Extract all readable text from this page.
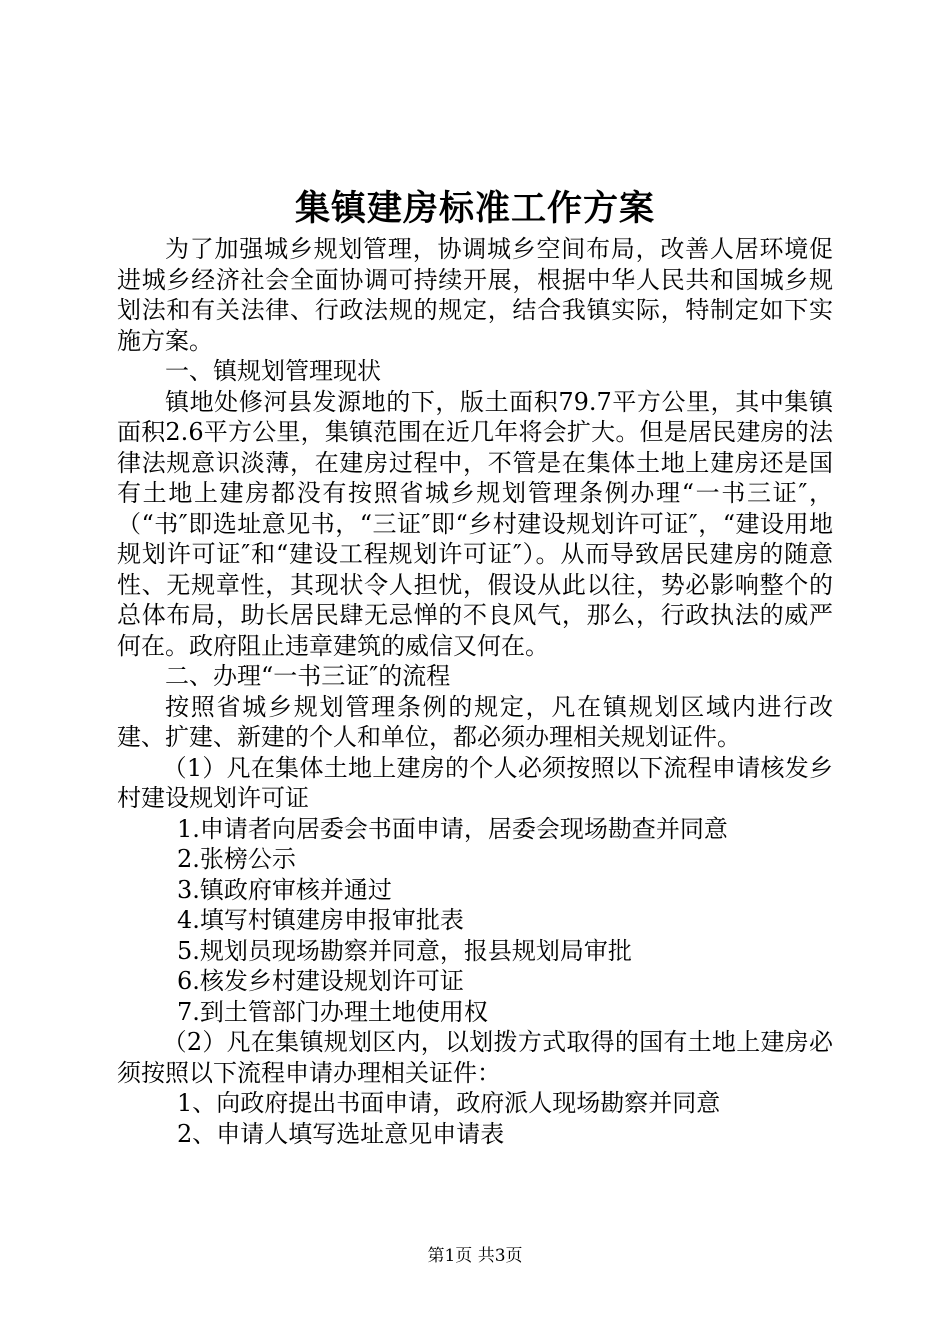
集镇建房标准工作方案

为了加强城乡规划管理，协调城乡空间布局，改善人居环境促进城乡经济社会全面协调可持续开展，根据中华人民共和国城乡规划法和有关法律、行政法规的规定，结合我镇实际，特制定如下实施方案。

一、镇规划管理现状

镇地处修河县发源地的下，版土面积79.7平方公里，其中集镇面积2.6平方公里，集镇范围在近几年将会扩大。但是居民建房的法律法规意识淡薄，在建房过程中，不管是在集体土地上建房还是国有土地上建房都没有按照省城乡规划管理条例办理“一书三证″，（“书″即选址意见书，“三证″即“乡村建设规划许可证″，“建设用地规划许可证″和“建设工程规划许可证″）。从而导致居民建房的随意性、无规章性，其现状令人担忧，假设从此以往，势必影响整个的总体布局，助长居民肆无忌惮的不良风气，那么，行政执法的威严何在。政府阻止违章建筑的威信又何在。

二、办理“一书三证″的流程

按照省城乡规划管理条例的规定，凡在镇规划区域内进行改建、扩建、新建的个人和单位，都必须办理相关规划证件。

（1）凡在集体土地上建房的个人必须按照以下流程申请核发乡村建设规划许可证

1.申请者向居委会书面申请，居委会现场勘查并同意

2.张榜公示

3.镇政府审核并通过

4.填写村镇建房申报审批表

5.规划员现场勘察并同意，报县规划局审批

6.核发乡村建设规划许可证

7.到土管部门办理土地使用权

（2）凡在集镇规划区内，以划拨方式取得的国有土地上建房必须按照以下流程申请办理相关证件：

1、向政府提出书面申请，政府派人现场勘察并同意

2、申请人填写选址意见申请表

第1页 共3页
